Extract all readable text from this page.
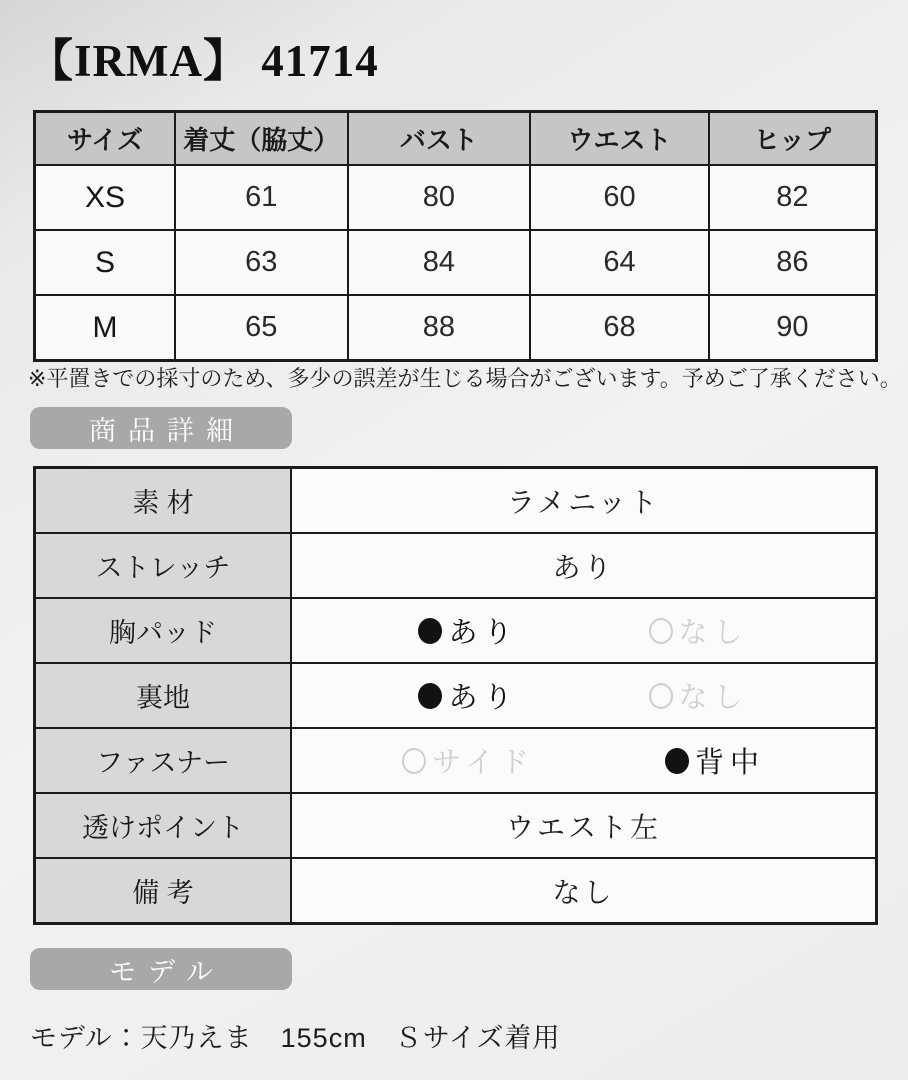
【IRMA】 41714
サイズ	着丈（脇丈）	バスト	ウエスト	ヒップ
XS	61	80	60	82
S	63	84	64	86
M	65	88	68	90
※平置きでの採寸のため、多少の誤差が生じる場合がございます。予めご了承ください。
商品詳細
素 材	ラメニット
ストレッチ	あり
胸パッド	あり なし

裏地	あり なし

ファスナー	サイド 背中

透けポイント	ウエスト左
備 考	なし
モデル
モデル：天乃えま　155cm　Ｓサイズ着用
